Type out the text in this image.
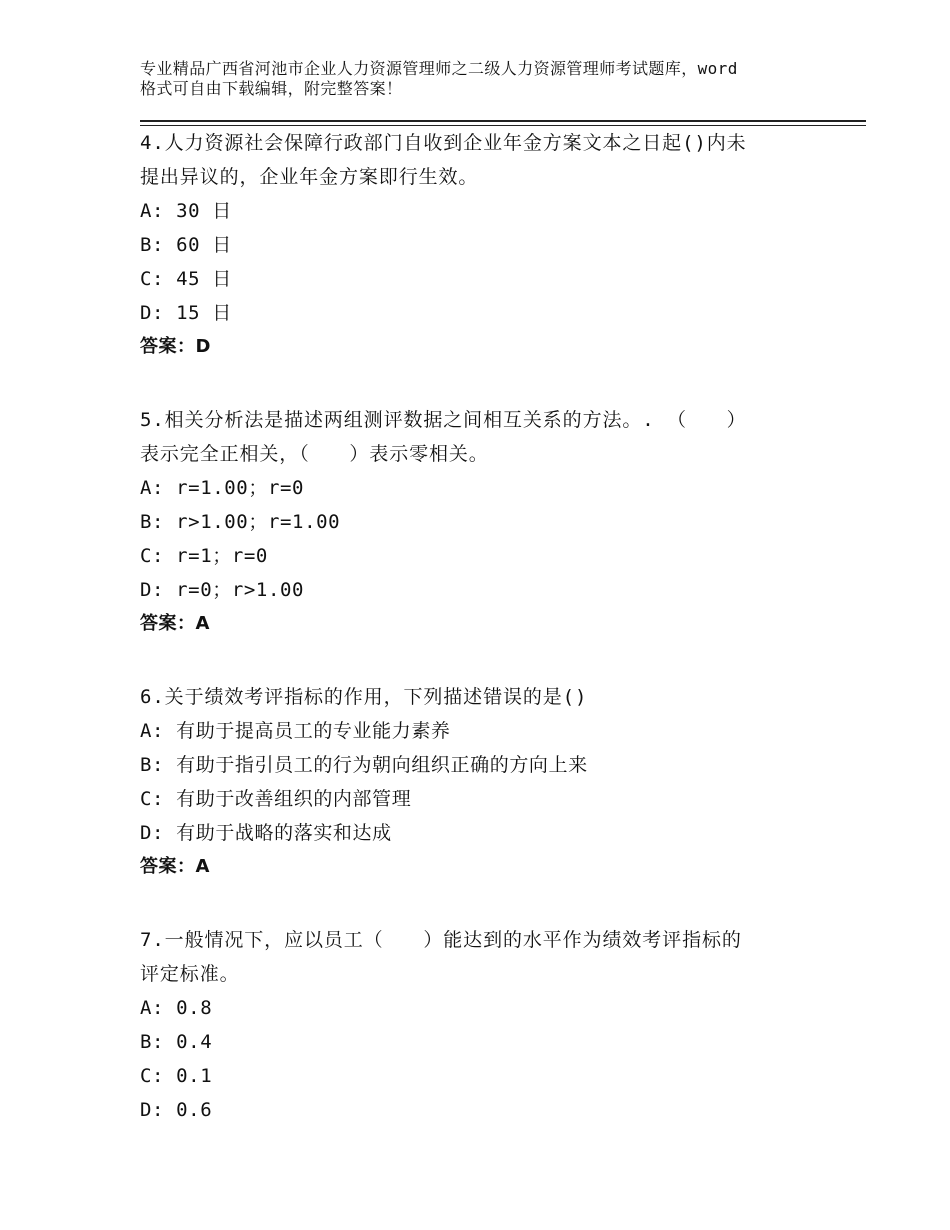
专业精品广西省河池市企业人力资源管理师之二级人力资源管理师考试题库，word
格式可自由下载编辑，附完整答案！
4.人力资源社会保障行政部门自收到企业年金方案文本之日起()内未
提出异议的，企业年金方案即行生效。
A: 30 日
B: 60 日
C: 45 日
D: 15 日
答案：D
5.相关分析法是描述两组测评数据之间相互关系的方法。. （　　）
表示完全正相关，（　　）表示零相关。
A: r=1.00；r=0
B: r>1.00；r=1.00
C: r=1；r=0
D: r=0；r>1.00
答案：A
6.关于绩效考评指标的作用，下列描述错误的是()
A: 有助于提高员工的专业能力素养
B: 有助于指引员工的行为朝向组织正确的方向上来
C: 有助于改善组织的内部管理
D: 有助于战略的落实和达成
答案：A
7.一般情况下，应以员工（　　）能达到的水平作为绩效考评指标的
评定标准。
A: 0.8
B: 0.4
C: 0.1
D: 0.6
